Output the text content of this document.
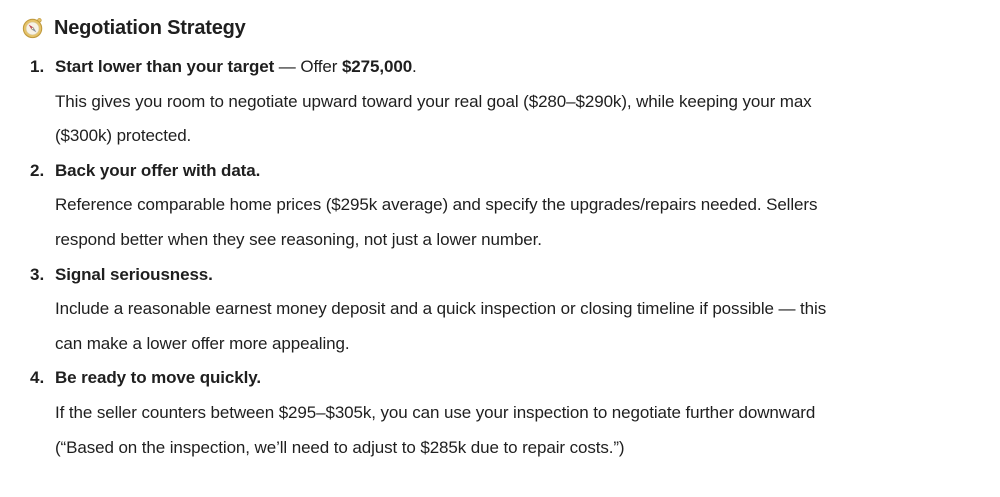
Negotiation Strategy
1. Start lower than your target — Offer $275,000.
This gives you room to negotiate upward toward your real goal ($280–$290k), while keeping your max
($300k) protected.
2. Back your offer with data.
Reference comparable home prices ($295k average) and specify the upgrades/repairs needed. Sellers
respond better when they see reasoning, not just a lower number.
3. Signal seriousness.
Include a reasonable earnest money deposit and a quick inspection or closing timeline if possible — this
can make a lower offer more appealing.
4. Be ready to move quickly.
If the seller counters between $295–$305k, you can use your inspection to negotiate further downward
(“Based on the inspection, we’ll need to adjust to $285k due to repair costs.”)
